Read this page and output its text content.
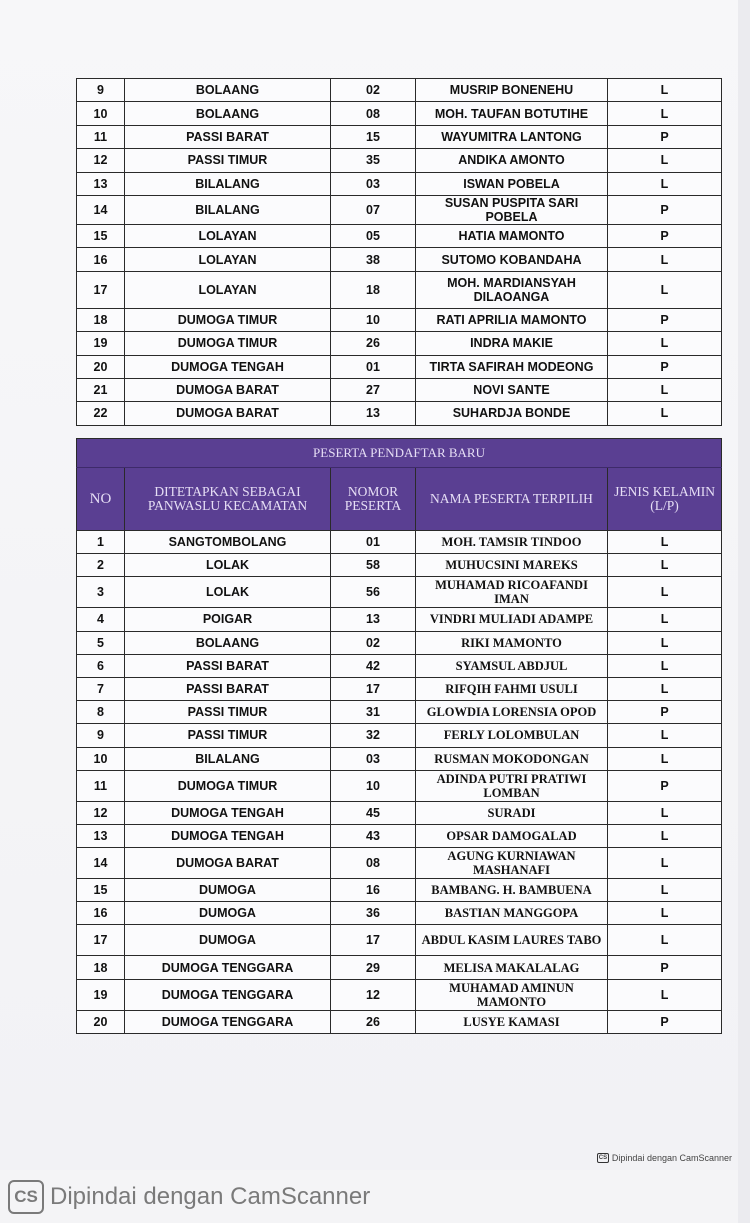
9	BOLAANG	02	MUSRIP BONENEHU	L
10	BOLAANG	08	MOH. TAUFAN BOTUTIHE	L
11	PASSI BARAT	15	WAYUMITRA LANTONG	P
12	PASSI TIMUR	35	ANDIKA AMONTO	L
13	BILALANG	03	ISWAN POBELA	L
14	BILALANG	07	SUSAN PUSPITA SARI POBELA	P
15	LOLAYAN	05	HATIA MAMONTO	P
16	LOLAYAN	38	SUTOMO KOBANDAHA	L
17	LOLAYAN	18	MOH. MARDIANSYAH DILAOANGA	L
18	DUMOGA TIMUR	10	RATI APRILIA MAMONTO	P
19	DUMOGA TIMUR	26	INDRA MAKIE	L
20	DUMOGA TENGAH	01	TIRTA SAFIRAH MODEONG	P
21	DUMOGA BARAT	27	NOVI SANTE	L
22	DUMOGA BARAT	13	SUHARDJA BONDE	L
PESERTA PENDAFTAR BARU				
NO	DITETAPKAN SEBAGAI PANWASLU KECAMATAN	NOMOR PESERTA	NAMA PESERTA TERPILIH	JENIS KELAMIN (L/P)
1	SANGTOMBOLANG	01	MOH. TAMSIR TINDOO	L
2	LOLAK	58	MUHUCSINI MAREKS	L
3	LOLAK	56	MUHAMAD RICOAFANDI IMAN	L
4	POIGAR	13	VINDRI MULIADI ADAMPE	L
5	BOLAANG	02	RIKI MAMONTO	L
6	PASSI BARAT	42	SYAMSUL ABDJUL	L
7	PASSI BARAT	17	RIFQIH FAHMI USULI	L
8	PASSI TIMUR	31	GLOWDIA LORENSIA OPOD	P
9	PASSI TIMUR	32	FERLY LOLOMBULAN	L
10	BILALANG	03	RUSMAN MOKODONGAN	L
11	DUMOGA TIMUR	10	ADINDA PUTRI PRATIWI LOMBAN	P
12	DUMOGA TENGAH	45	SURADI	L
13	DUMOGA TENGAH	43	OPSAR DAMOGALAD	L
14	DUMOGA BARAT	08	AGUNG KURNIAWAN MASHANAFI	L
15	DUMOGA	16	BAMBANG. H. BAMBUENA	L
16	DUMOGA	36	BASTIAN MANGGOPA	L
17	DUMOGA	17	ABDUL KASIM LAURES TABO	L
18	DUMOGA TENGGARA	29	MELISA MAKALALAG	P
19	DUMOGA TENGGARA	12	MUHAMAD AMINUN MAMONTO	L
20	DUMOGA TENGGARA	26	LUSYE KAMASI	P
CS Dipindai dengan CamScanner
CS Dipindai dengan CamScanner
